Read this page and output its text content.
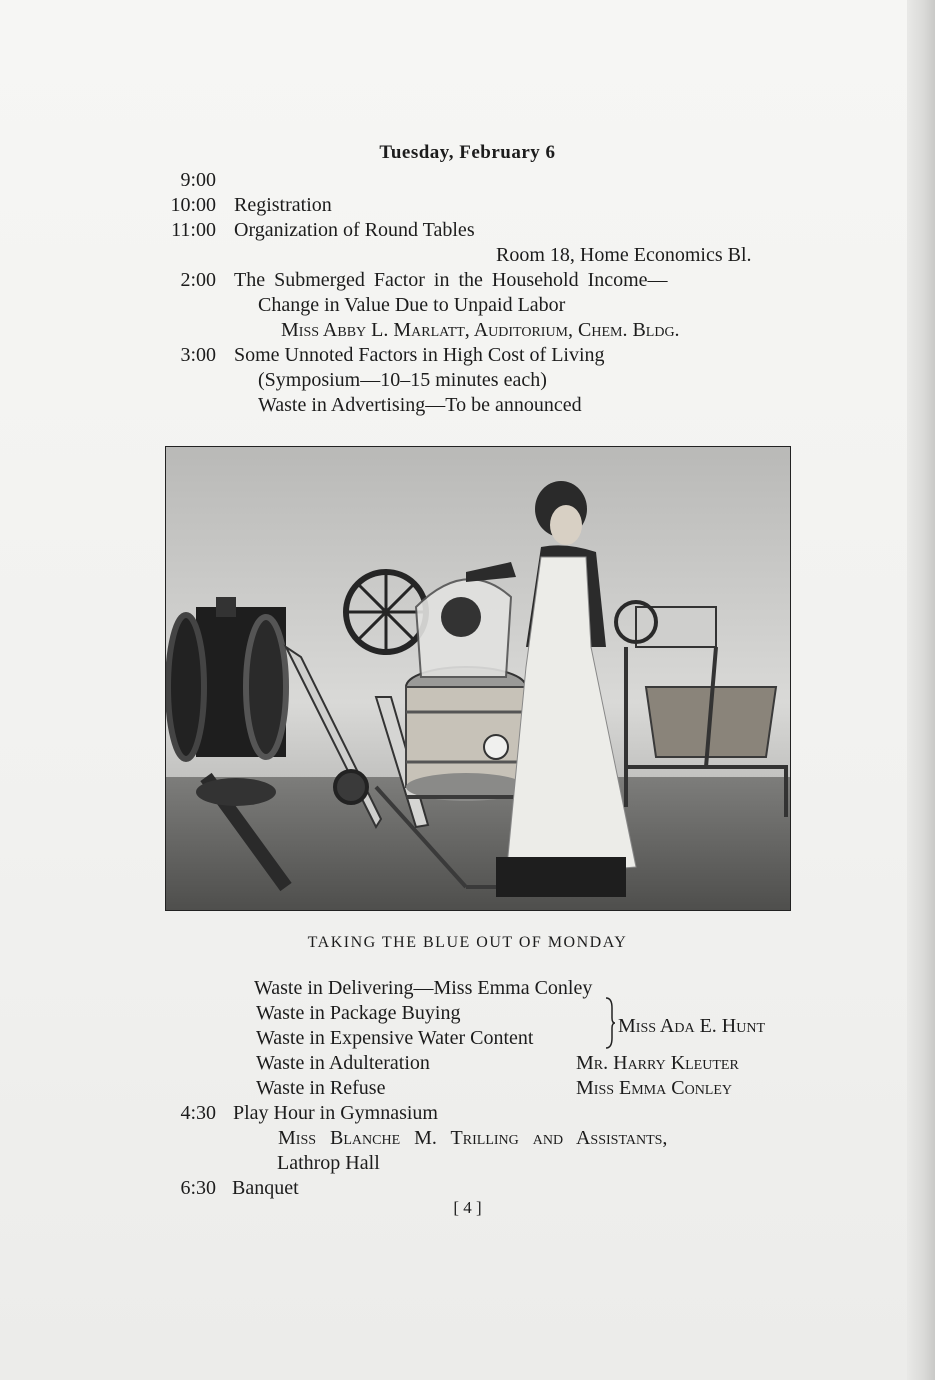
Tuesday, February 6
9:00
10:00 Registration
11:00 Organization of Round Tables
Room 18, Home Economics Bl.
2:00 The Submerged Factor in the Household Income—
Change in Value Due to Unpaid Labor
Miss Abby L. Marlatt, Auditorium, Chem. Bldg.
3:00 Some Unnoted Factors in High Cost of Living
(Symposium—10–15 minutes each)
Waste in Advertising—To be announced
TAKING THE BLUE OUT OF MONDAY
Waste in Delivering—Miss Emma Conley
Waste in Package Buying
Waste in Expensive Water Content
Miss Ada E. Hunt
Waste in Adulteration	Mr. Harry Kleuter
Waste in Refuse	Miss Emma Conley
4:30 Play Hour in Gymnasium
Miss Blanche M. Trilling and Assistants,
Lathrop Hall
6:30 Banquet
[ 4 ]
